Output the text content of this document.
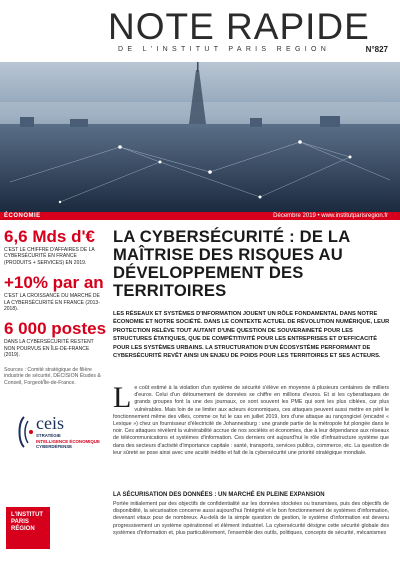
NOTE RAPIDE
DE L'INSTITUT PARIS REGION	N°827
ÉCONOMIE	Décembre 2019 • www.institutparisregion.fr
6,6 Mds d'€
C'EST LE CHIFFRE D'AFFAIRES DE LA CYBERSÉCURITÉ EN FRANCE (PRODUITS + SERVICES) EN 2019.
+10% par an
C'EST LA CROISSANCE DU MARCHÉ DE LA CYBERSÉCURITÉ EN FRANCE (2013-2018).
6 000 postes
DANS LA CYBERSÉCURITÉ RESTENT NON POURVUS EN ÎLE-DE-FRANCE (2019).
Sources : Comité stratégique de filière industrie de sécurité, DÉCISION Études & Conseil, Forgeot/Île-de-France.
ceis
STRATÉGIE
INTELLIGENCE ÉCONOMIQUE
CYBERDÉFENSE
L'INSTITUT
PARIS
RÉGION
LA CYBERSÉCURITÉ : DE LA MAÎTRISE DES RISQUES AU DÉVELOPPEMENT DES TERRITOIRES
LES RÉSEAUX ET SYSTÈMES D'INFORMATION JOUENT UN RÔLE FONDAMENTAL DANS NOTRE ÉCONOMIE ET NOTRE SOCIÉTÉ. DANS LE CONTEXTE ACTUEL DE RÉVOLUTION NUMÉRIQUE, LEUR PROTECTION RELÈVE TOUT AUTANT D'UNE QUESTION DE SOUVERAINETÉ POUR LES STRUCTURES ÉTATIQUES, QUE DE COMPÉTITIVITÉ POUR LES ENTREPRISES ET D'EFFICACITÉ POUR LES SYSTÈMES URBAINS. LA STRUCTURATION D'UN ÉCOSYSTÈME PERFORMANT DE CYBERSÉCURITÉ REVÊT AINSI UN ENJEU DE POIDS POUR LES TERRITOIRES ET SES ACTEURS.
Le coût estimé à la violation d'un système de sécurité s'élève en moyenne à plusieurs centaines de milliers d'euros. Celui d'un détournement de données se chiffre en millions d'euros. Et si les cyberattaques de grands groupes font la une des journaux, ce sont souvent les PME qui sont les plus ciblées, car plus vulnérables. Mais loin de se limiter aux acteurs économiques, ces attaques peuvent aussi mettre en péril le fonctionnement même des villes, comme ce fut le cas en juillet 2019, lors d'une attaque au rançongiciel (encadré « Lexique ») chez un fournisseur d'électricité de Johannesburg : une grande partie de la métropole fut plongée dans le noir. Ces attaques révèlent la vulnérabilité accrue de nos sociétés et économies, due à leur dépendance aux réseaux de télécommunications et systèmes d'information. Ces derniers ont aujourd'hui le rôle d'infrastructure système que dans des secteurs d'activité d'importance capitale : santé, transports, services publics, commerce, etc. La question de leur sûreté se pose ainsi avec une acuité inédite et fait de la cybersécurité une priorité stratégique mondiale.
LA SÉCURISATION DES DONNÉES : UN MARCHÉ EN PLEINE EXPANSION
Portée initialement par des objectifs de confidentialité sur les données stockées ou transmises, puis des objectifs de disponibilité, la sécurisation concerne aussi aujourd'hui l'intégrité et le bon fonctionnement de systèmes d'information, devenant vitaux pour de nombreux. Au-delà de la simple question de gestion, le système d'information est devenu progressivement un système opérationnel et élément industriel. La cybersécurité désigne cette sécurité globale des systèmes d'information et, plus particulièrement, l'ensemble des outils, politiques, concepts de sécurité, mécanismes
